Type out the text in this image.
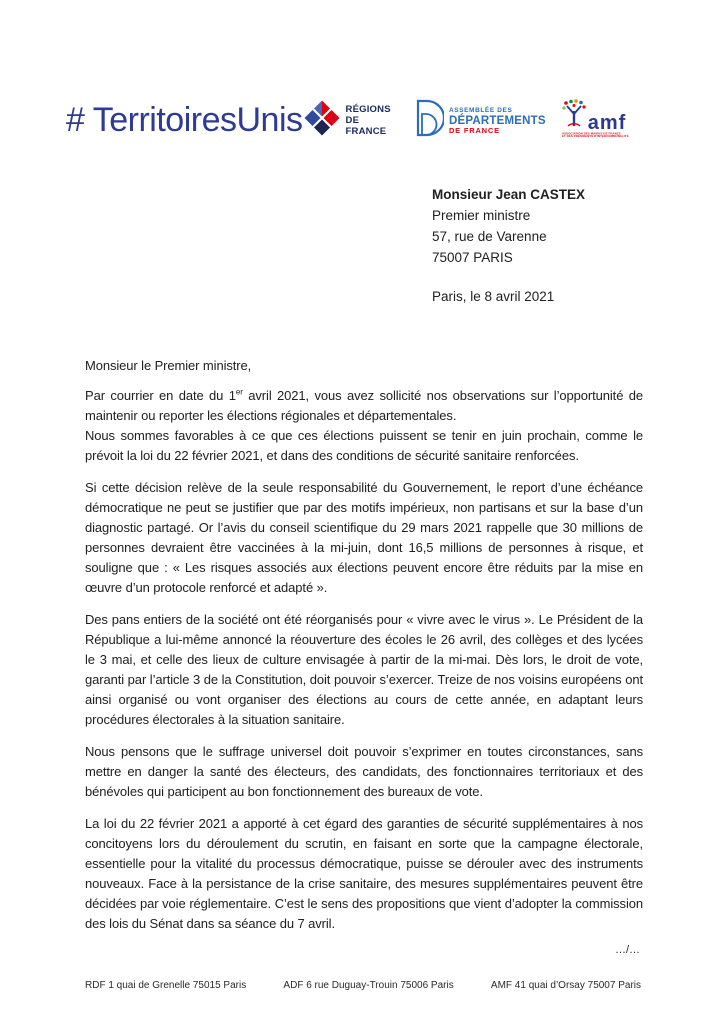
# TerritoiresUnis	RÉGIONS
DE FRANCE
ASSEMBLÉE DES
DÉPARTEMENTS
DE FRANCE	amf
ASSOCIATION DES MAIRES DE FRANCE
ET DES PRÉSIDENTS D'INTERCOMMUNALITÉ
Monsieur Jean CASTEX
Premier ministre
57, rue de Varenne
75007 PARIS
Paris, le 8 avril 2021

Monsieur le Premier ministre,

Par courrier en date du 1er avril 2021, vous avez sollicité nos observations sur l’opportunité de maintenir ou reporter les élections régionales et départementales.
Nous sommes favorables à ce que ces élections puissent se tenir en juin prochain, comme le prévoit la loi du 22 février 2021, et dans des conditions de sécurité sanitaire renforcées.

Si cette décision relève de la seule responsabilité du Gouvernement, le report d’une échéance démocratique ne peut se justifier que par des motifs impérieux, non partisans et sur la base d’un diagnostic partagé. Or l’avis du conseil scientifique du 29 mars 2021 rappelle que 30 millions de personnes devraient être vaccinées à la mi-juin, dont 16,5 millions de personnes à risque, et souligne que : « Les risques associés aux élections peuvent encore être réduits par la mise en œuvre d’un protocole renforcé et adapté ».

Des pans entiers de la société ont été réorganisés pour « vivre avec le virus ». Le Président de la République a lui-même annoncé la réouverture des écoles le 26 avril, des collèges et des lycées le 3 mai, et celle des lieux de culture envisagée à partir de la mi-mai. Dès lors, le droit de vote, garanti par l’article 3 de la Constitution, doit pouvoir s’exercer. Treize de nos voisins européens ont ainsi organisé ou vont organiser des élections au cours de cette année, en adaptant leurs procédures électorales à la situation sanitaire.

Nous pensons que le suffrage universel doit pouvoir s’exprimer en toutes circonstances, sans mettre en danger la santé des électeurs, des candidats, des fonctionnaires territoriaux et des bénévoles qui participent au bon fonctionnement des bureaux de vote.

La loi du 22 février 2021 a apporté à cet égard des garanties de sécurité supplémentaires à nos concitoyens lors du déroulement du scrutin, en faisant en sorte que la campagne électorale, essentielle pour la vitalité du processus démocratique, puisse se dérouler avec des instruments nouveaux. Face à la persistance de la crise sanitaire, des mesures supplémentaires peuvent être décidées par voie réglementaire. C’est le sens des propositions que vient d’adopter la commission des lois du Sénat dans sa séance du 7 avril.

…/…
RDF 1 quai de Grenelle 75015 Paris	ADF 6 rue Duguay-Trouin 75006 Paris	AMF 41 quai d’Orsay 75007 Paris
